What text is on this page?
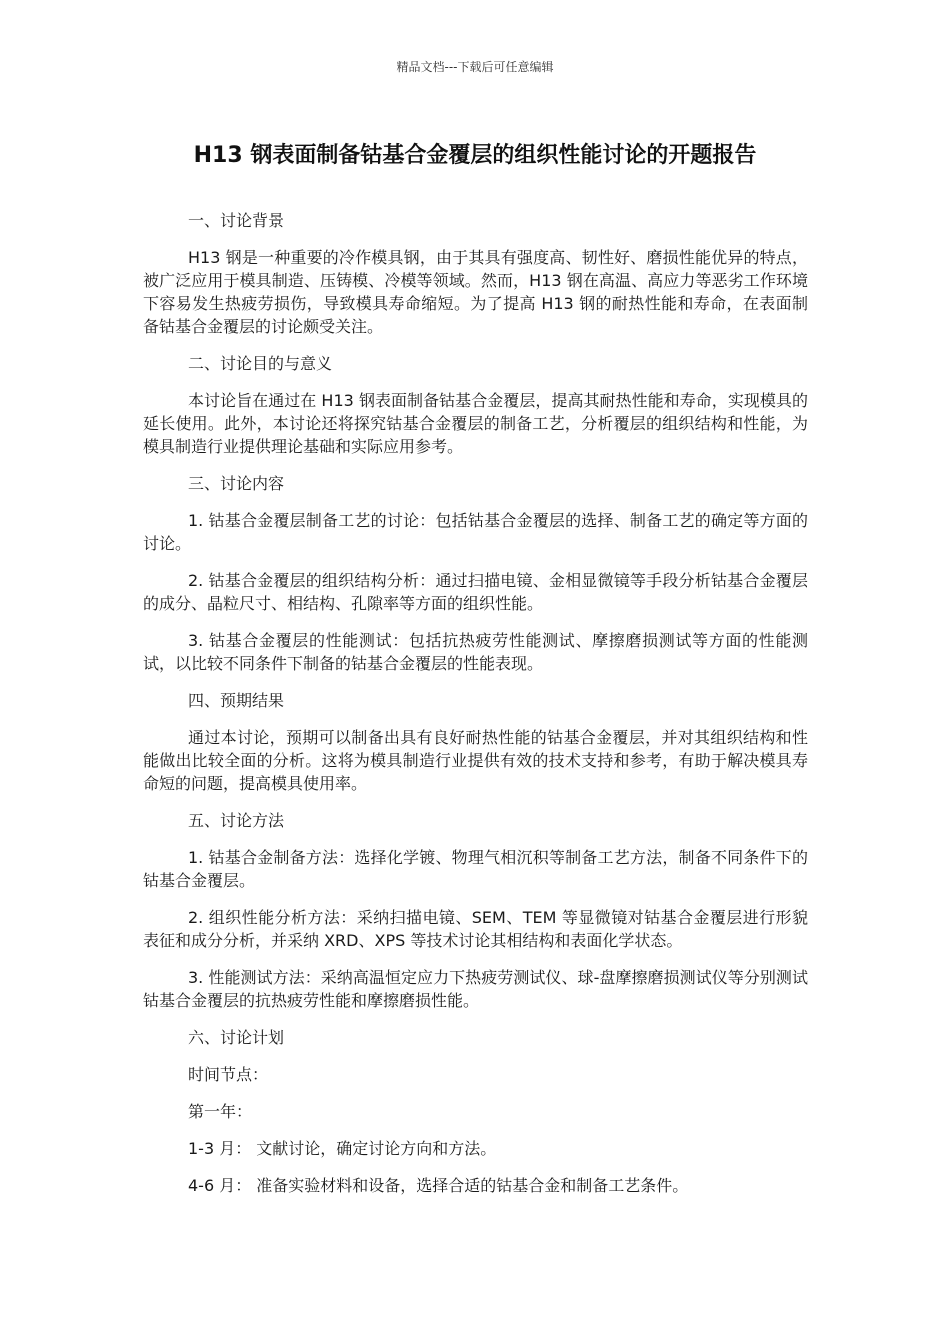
精品文档---下载后可任意编辑
H13 钢表面制备钴基合金覆层的组织性能讨论的开题报告

一、讨论背景

H13 钢是一种重要的冷作模具钢，由于其具有强度高、韧性好、磨损性能优异的特点，被广泛应用于模具制造、压铸模、冷模等领域。然而，H13 钢在高温、高应力等恶劣工作环境下容易发生热疲劳损伤，导致模具寿命缩短。为了提高 H13 钢的耐热性能和寿命，在表面制备钴基合金覆层的讨论颇受关注。

二、讨论目的与意义

本讨论旨在通过在 H13 钢表面制备钴基合金覆层，提高其耐热性能和寿命，实现模具的延长使用。此外，本讨论还将探究钴基合金覆层的制备工艺，分析覆层的组织结构和性能，为模具制造行业提供理论基础和实际应用参考。

三、讨论内容

1. 钴基合金覆层制备工艺的讨论：包括钴基合金覆层的选择、制备工艺的确定等方面的讨论。

2. 钴基合金覆层的组织结构分析：通过扫描电镜、金相显微镜等手段分析钴基合金覆层的成分、晶粒尺寸、相结构、孔隙率等方面的组织性能。

3. 钴基合金覆层的性能测试：包括抗热疲劳性能测试、摩擦磨损测试等方面的性能测试，以比较不同条件下制备的钴基合金覆层的性能表现。

四、预期结果

通过本讨论，预期可以制备出具有良好耐热性能的钴基合金覆层，并对其组织结构和性能做出比较全面的分析。这将为模具制造行业提供有效的技术支持和参考，有助于解决模具寿命短的问题，提高模具使用率。

五、讨论方法

1. 钴基合金制备方法：选择化学镀、物理气相沉积等制备工艺方法，制备不同条件下的钴基合金覆层。

2. 组织性能分析方法：采纳扫描电镜、SEM、TEM 等显微镜对钴基合金覆层进行形貌表征和成分分析，并采纳 XRD、XPS 等技术讨论其相结构和表面化学状态。

3. 性能测试方法：采纳高温恒定应力下热疲劳测试仪、球-盘摩擦磨损测试仪等分别测试钴基合金覆层的抗热疲劳性能和摩擦磨损性能。

六、讨论计划

时间节点：

第一年：

1-3 月： 文献讨论，确定讨论方向和方法。

4-6 月： 准备实验材料和设备，选择合适的钴基合金和制备工艺条件。
